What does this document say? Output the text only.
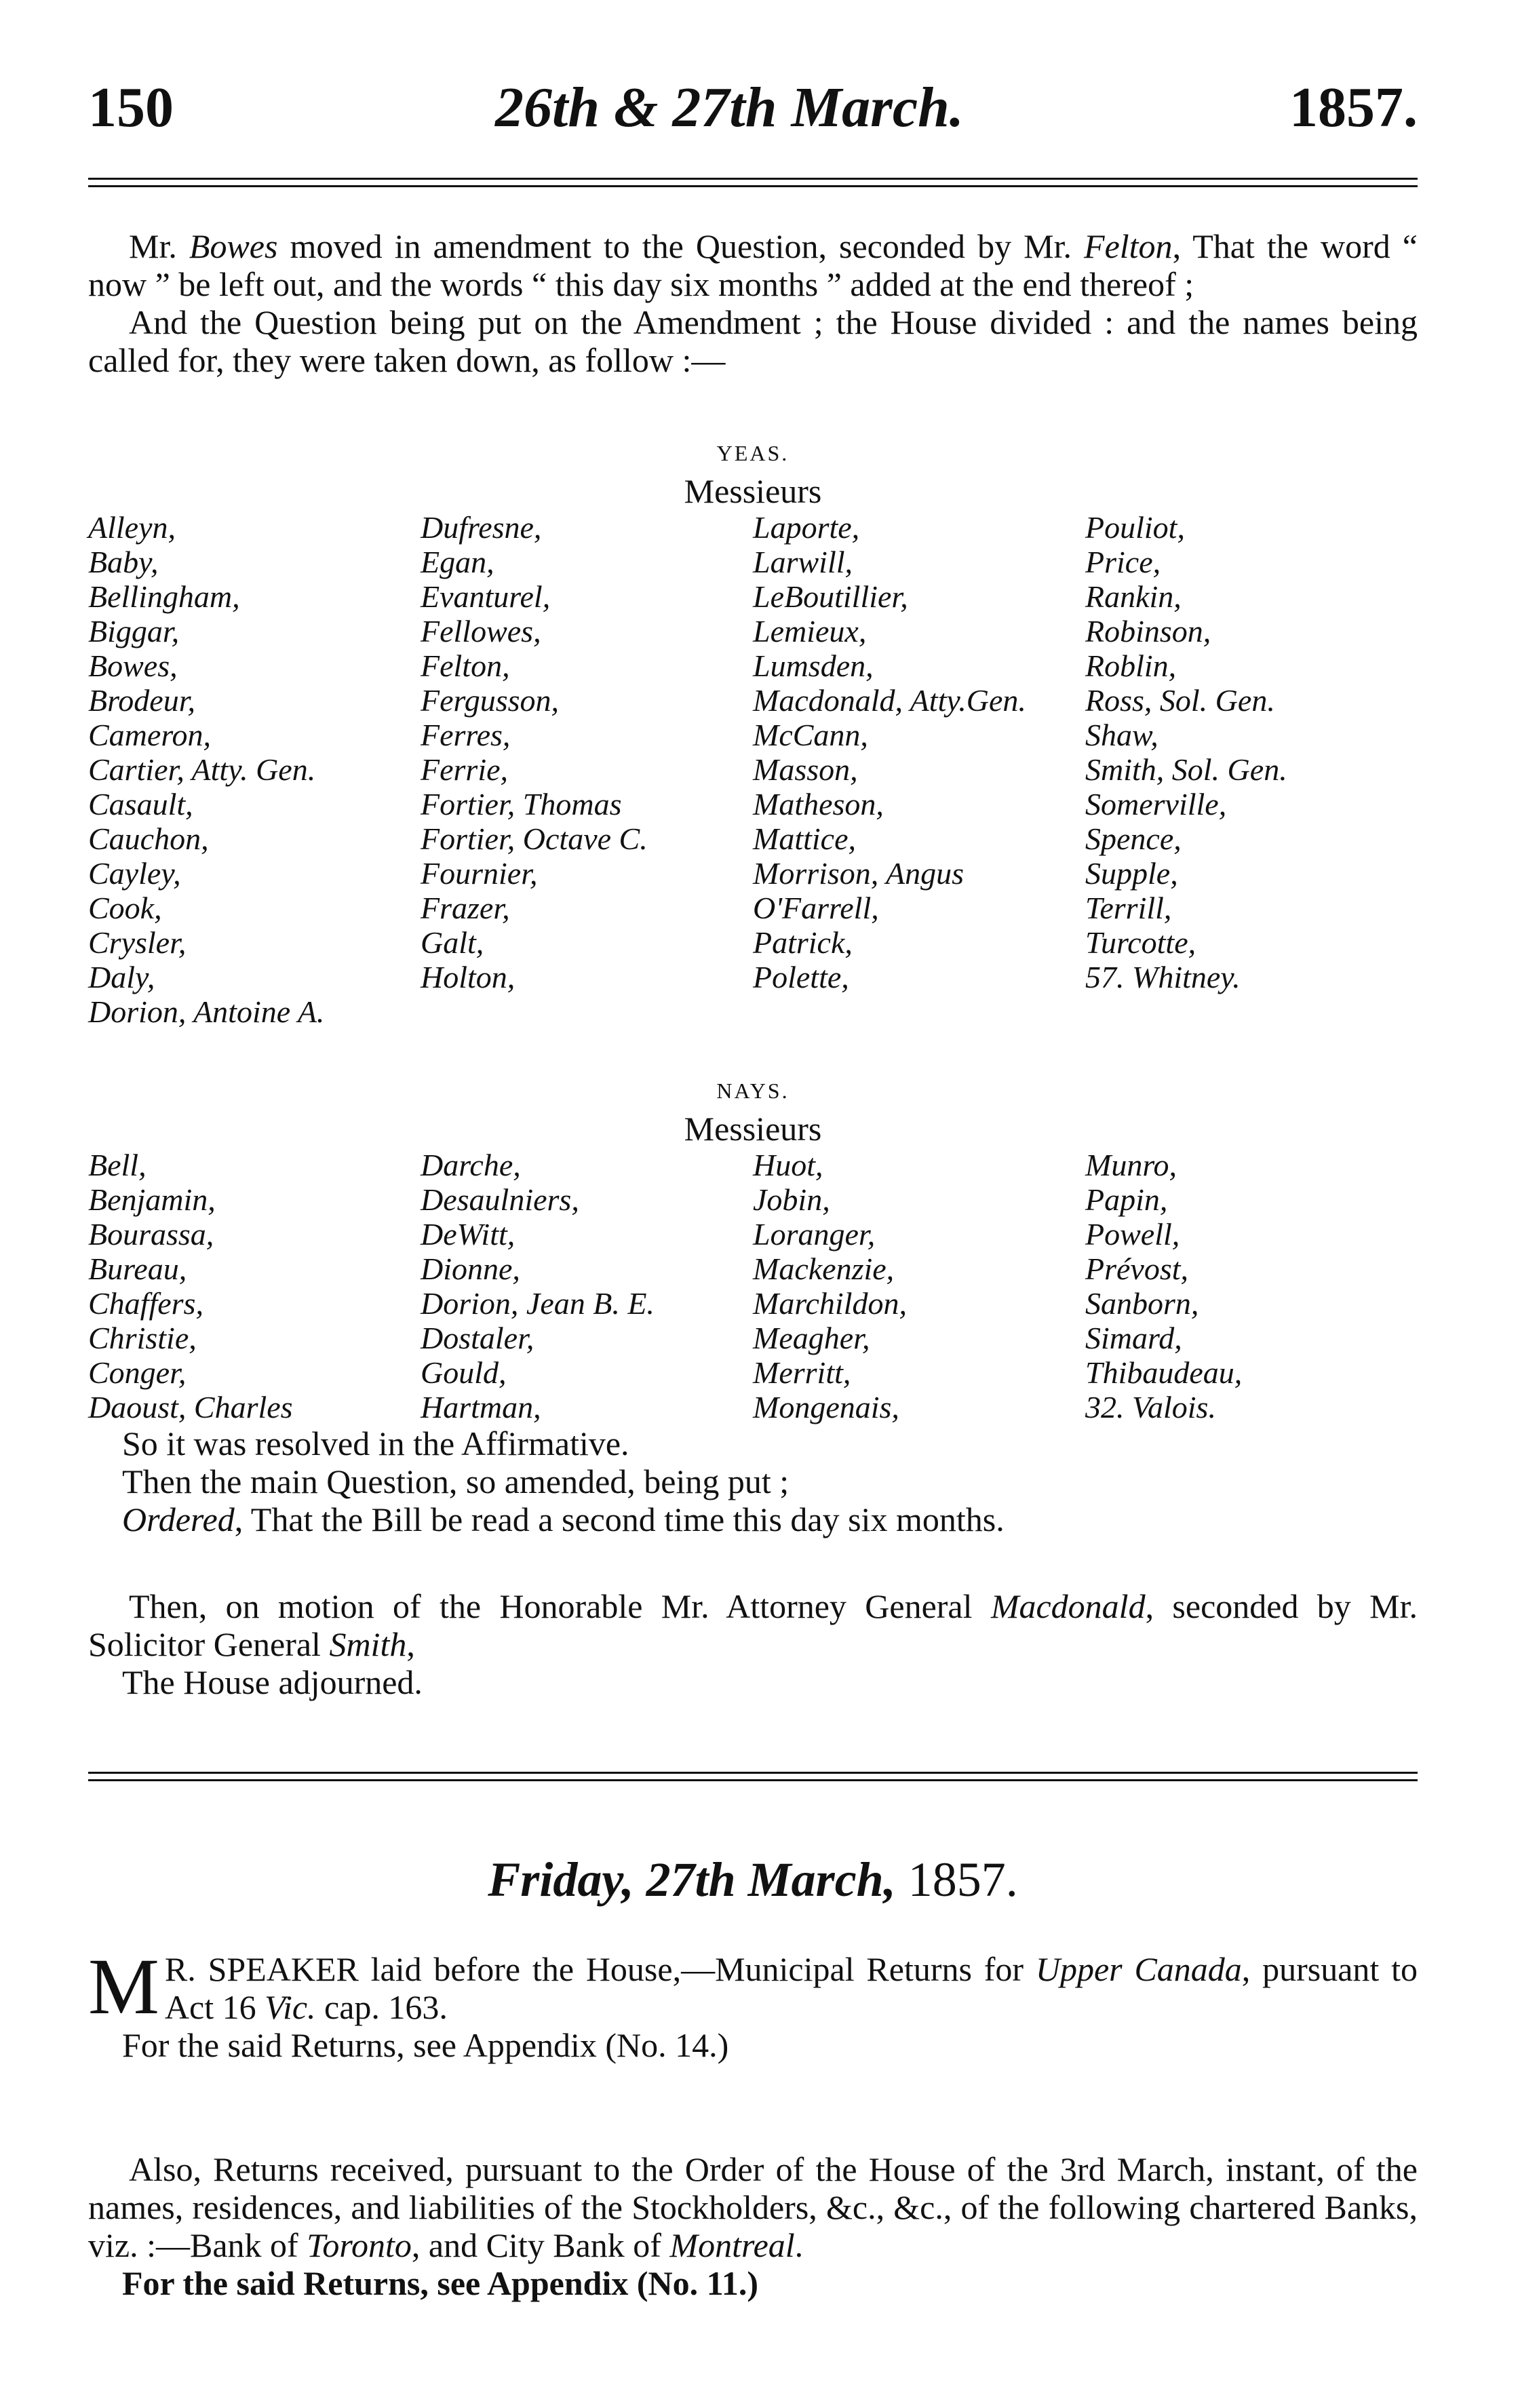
150	26th & 27th March.	1857.

Mr. Bowes moved in amendment to the Question, seconded by Mr. Felton, That the word “ now ” be left out, and the words “ this day six months ” added at the end thereof ;

And the Question being put on the Amendment ; the House divided : and the names being called for, they were taken down, as follow :—

YEAS.
Messieurs
Alleyn,
Baby,
Bellingham,
Biggar,
Bowes,
Brodeur,
Cameron,
Cartier, Atty. Gen.
Casault,
Cauchon,
Cayley,
Cook,
Crysler,
Daly,
Dorion, Antoine A.
Dufresne,
Egan,
Evanturel,
Fellowes,
Felton,
Fergusson,
Ferres,
Ferrie,
Fortier, Thomas
Fortier, Octave C.
Fournier,
Frazer,
Galt,
Holton,
Laporte,
Larwill,
LeBoutillier,
Lemieux,
Lumsden,
Macdonald, Atty.Gen.
McCann,
Masson,
Matheson,
Mattice,
Morrison, Angus
O'Farrell,
Patrick,
Polette,
Pouliot,
Price,
Rankin,
Robinson,
Roblin,
Ross, Sol. Gen.
Shaw,
Smith, Sol. Gen.
Somerville,
Spence,
Supple,
Terrill,
Turcotte,
57. Whitney.
NAYS.
Messieurs
Bell,
Benjamin,
Bourassa,
Bureau,
Chaffers,
Christie,
Conger,
Daoust, Charles
Darche,
Desaulniers,
DeWitt,
Dionne,
Dorion, Jean B. E.
Dostaler,
Gould,
Hartman,
Huot,
Jobin,
Loranger,
Mackenzie,
Marchildon,
Meagher,
Merritt,
Mongenais,
Munro,
Papin,
Powell,
Prévost,
Sanborn,
Simard,
Thibaudeau,
32. Valois.

So it was resolved in the Affirmative.

Then the main Question, so amended, being put ;

Ordered, That the Bill be read a second time this day six months.

Then, on motion of the Honorable Mr. Attorney General Macdonald, seconded by Mr. Solicitor General Smith,

The House adjourned.

Friday, 27th March, 1857.

M R. SPEAKER laid before the House,—Municipal Returns for Upper Canada, pursuant to Act 16 Vic. cap. 163.

For the said Returns, see Appendix (No. 14.)

Also, Returns received, pursuant to the Order of the House of the 3rd March, instant, of the names, residences, and liabilities of the Stockholders, &c., &c., of the following chartered Banks, viz. :—Bank of Toronto, and City Bank of Montreal.

For the said Returns, see Appendix (No. 11.)
